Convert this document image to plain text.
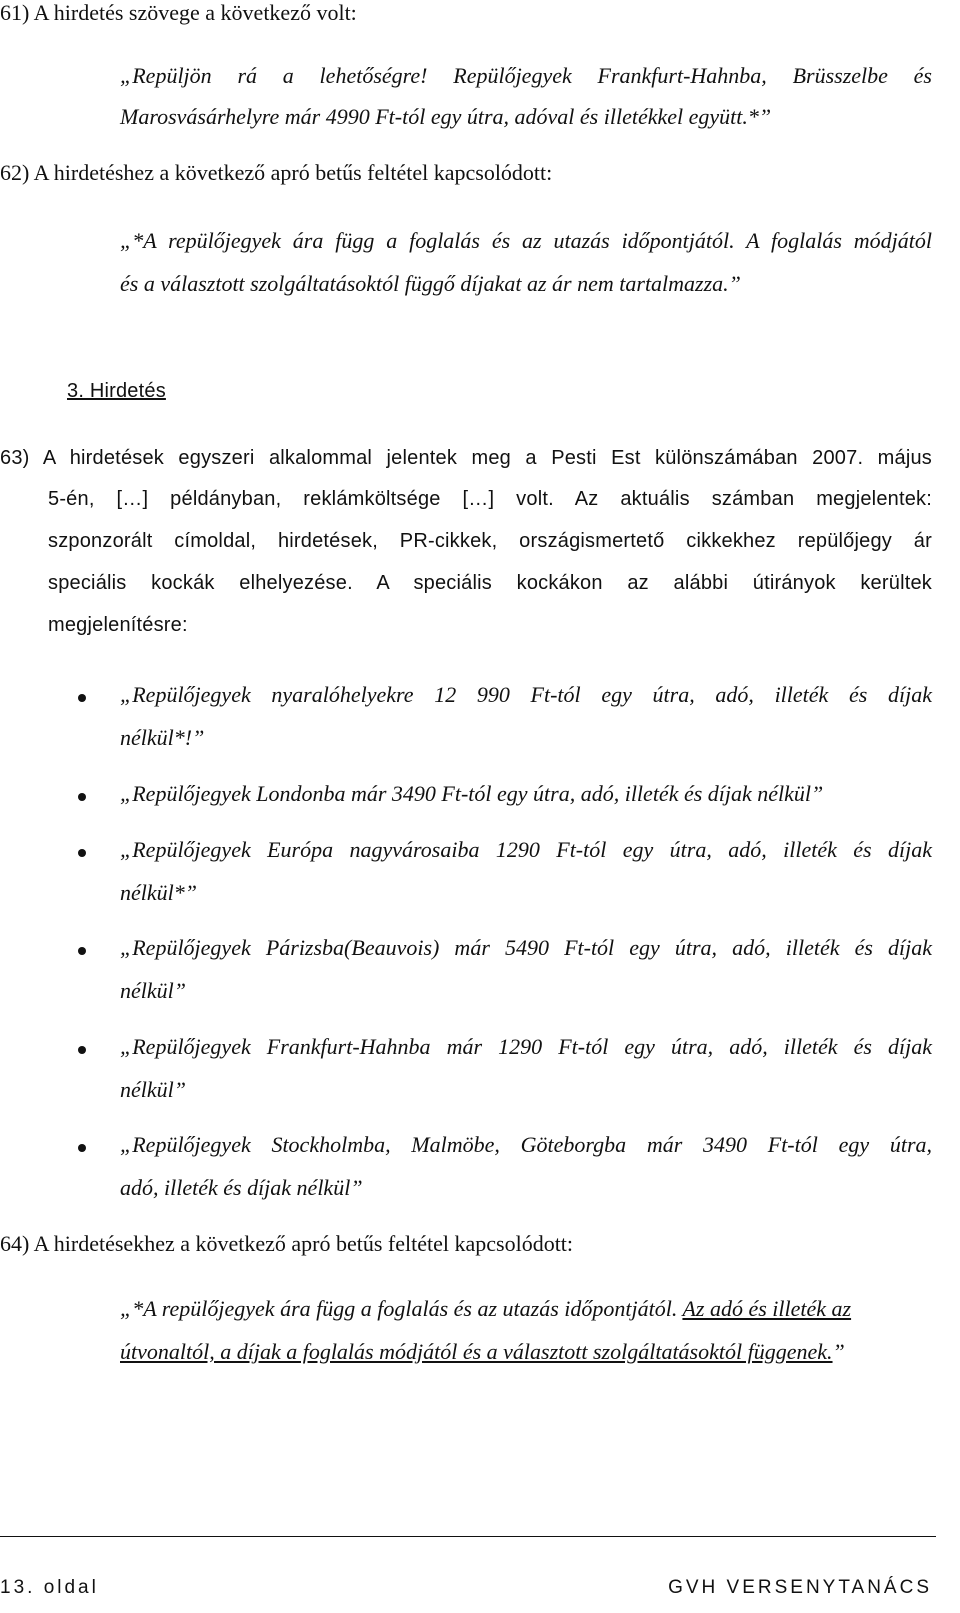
61) A hirdetés szövege a következő volt:
„Repüljön rá a lehetőségre! Repülőjegyek Frankfurt-Hahnba, Brüsszelbe és
Marosvásárhelyre már 4990 Ft-tól egy útra, adóval és illetékkel együtt.*”
62) A hirdetéshez a következő apró betűs feltétel kapcsolódott:
„*A repülőjegyek ára függ a foglalás és az utazás időpontjától. A foglalás módjától
és a választott szolgáltatásoktól függő díjakat az ár nem tartalmazza.”
3. Hirdetés
63) A hirdetések egyszeri alkalommal jelentek meg a Pesti Est különszámában 2007. május
5-én, […] példányban, reklámköltsége […] volt. Az aktuális számban megjelentek:
szponzorált címoldal, hirdetések, PR-cikkek, országismertető cikkekhez repülőjegy ár
speciális kockák elhelyezése. A speciális kockákon az alábbi útirányok kerültek
megjelenítésre:
„Repülőjegyek nyaralóhelyekre 12 990 Ft-tól egy útra, adó, illeték és díjak
nélkül*!”
„Repülőjegyek Londonba már 3490 Ft-tól egy útra, adó, illeték és díjak nélkül”
„Repülőjegyek Európa nagyvárosaiba 1290 Ft-tól egy útra, adó, illeték és díjak
nélkül*”
„Repülőjegyek Párizsba(Beauvois) már 5490 Ft-tól egy útra, adó, illeték és díjak
nélkül”
„Repülőjegyek Frankfurt-Hahnba már 1290 Ft-tól egy útra, adó, illeték és díjak
nélkül”
„Repülőjegyek Stockholmba, Malmöbe, Göteborgba már 3490 Ft-tól egy útra,
adó, illeték és díjak nélkül”
64) A hirdetésekhez a következő apró betűs feltétel kapcsolódott:
„*A repülőjegyek ára függ a foglalás és az utazás időpontjától. Az adó és illeték az
útvonaltól, a díjak a foglalás módjától és a választott szolgáltatásoktól függenek.”
13. oldal	GVH VERSENYTANÁCS
